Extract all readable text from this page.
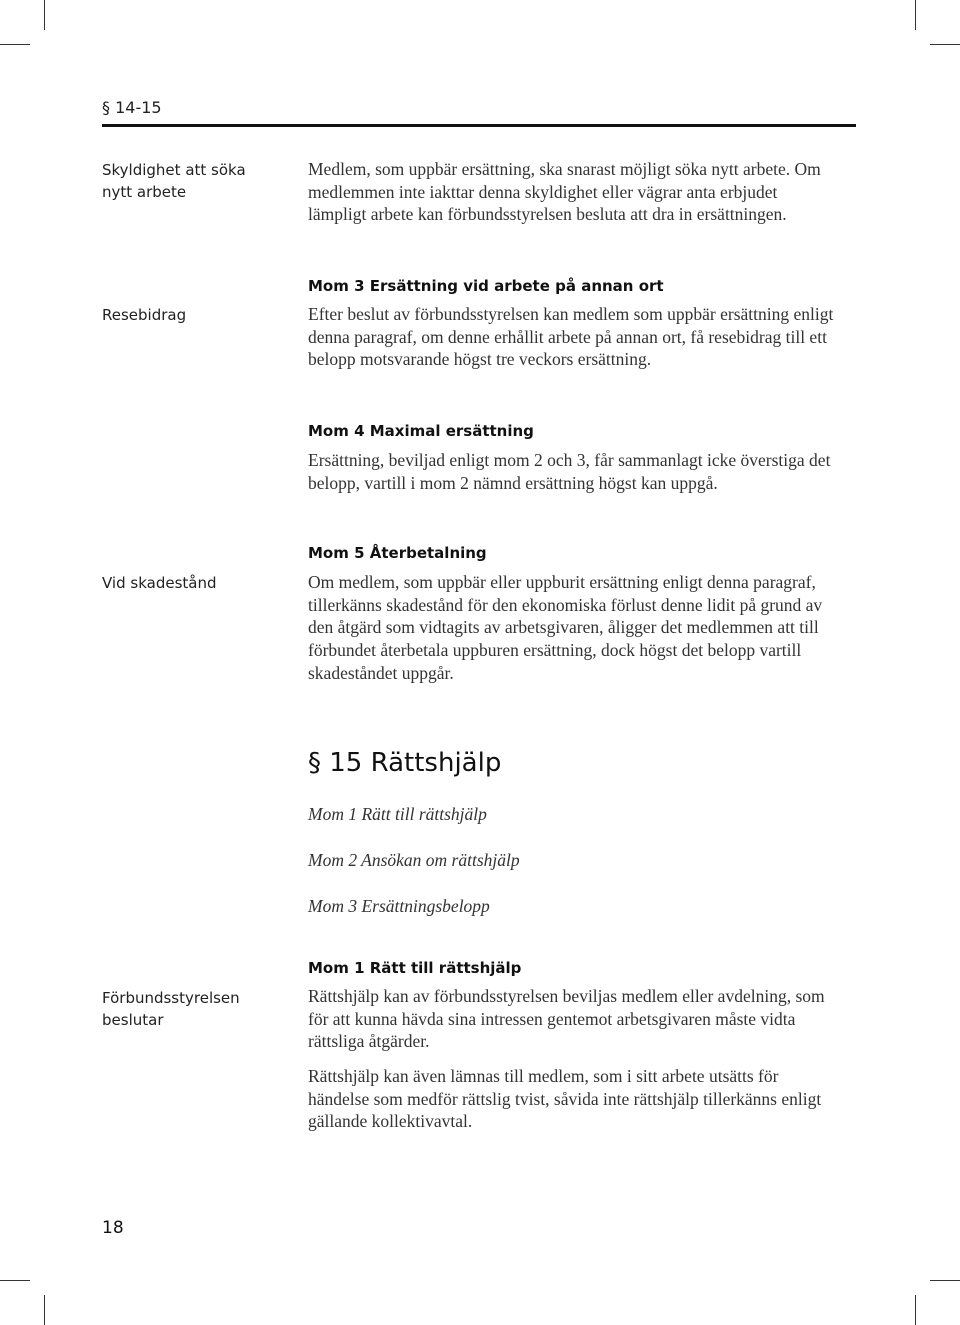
§ 14-15
Skyldighet att söka nytt arbete
Medlem, som uppbär ersättning, ska snarast möjligt söka nytt arbete. Om medlemmen inte iakttar denna skyldighet eller vägrar anta erbjudet lämpligt arbete kan förbundsstyrelsen besluta att dra in ersättningen.
Mom 3 Ersättning vid arbete på annan ort
Resebidrag	Efter beslut av förbundsstyrelsen kan medlem som uppbär ersättning enligt denna paragraf, om denne erhållit arbete på annan ort, få resebidrag till ett belopp motsvarande högst tre veckors ersättning.
Mom 4 Maximal ersättning
Ersättning, beviljad enligt mom 2 och 3, får sammanlagt icke överstiga det belopp, vartill i mom 2 nämnd ersättning högst kan uppgå.
Mom 5 Återbetalning
Vid skadestånd	Om medlem, som uppbär eller uppburit ersättning enligt denna paragraf, tillerkänns skadestånd för den ekonomiska förlust denne lidit på grund av den åtgärd som vidtagits av arbetsgivaren, åligger det medlemmen att till förbundet återbetala uppburen ersättning, dock högst det belopp vartill skadeståndet uppgår.
§ 15 Rättshjälp
Mom 1 Rätt till rättshjälp
Mom 2 Ansökan om rättshjälp
Mom 3 Ersättningsbelopp
Mom 1 Rätt till rättshjälp
Förbundsstyrelsen beslutar
Rättshjälp kan av förbundsstyrelsen beviljas medlem eller avdelning, som för att kunna hävda sina intressen gentemot arbetsgivaren måste vidta rättsliga åtgärder.
Rättshjälp kan även lämnas till medlem, som i sitt arbete utsätts för händelse som medför rättslig tvist, såvida inte rättshjälp tillerkänns enligt gällande kollektivavtal.
18
